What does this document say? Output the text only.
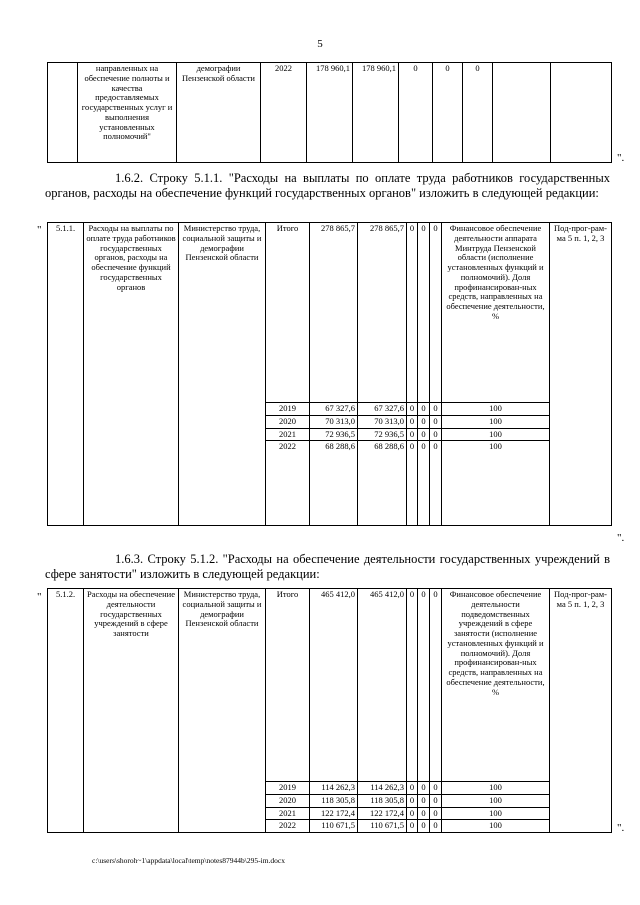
5
	направленных на обеспечение полноты и качества предоставляемых государственных услуг и выполнения установленных полномочий"	демографии Пензенской области	2022	178 960,1	178 960,1	0	0	0		
".
1.6.2. Строку 5.1.1. "Расходы на выплаты по оплате труда работников государственных органов, расходы на обеспечение функций государственных органов" изложить в следующей редакции:
" 5.1.1.	Расходы на выплаты по оплате труда работников государственных органов, расходы на обеспечение функций государственных органов	Министерство труда, социальной защиты и демографии Пензенской области	Итого	278 865,7	278 865,7	0	0	0	Финансовое обеспечение деятельности аппарата Минтруда Пензенской области (исполнение установленных функций и полномочий). Доля профинансирован-ных средств, направленных на обеспечение деятельности, %	Под-прог-рам-ма 5 п. 1, 2, 3
			2019	67 327,6	67 327,6	0	0	0	100	
			2020	70 313,0	70 313,0	0	0	0	100	
			2021	72 936,5	72 936,5	0	0	0	100	
			2022	68 288,6	68 288,6	0	0	0	100	
".
1.6.3. Строку 5.1.2. "Расходы на обеспечение деятельности государственных учреждений в сфере занятости" изложить в следующей редакции:
" 5.1.2.	Расходы на обеспечение деятельности государственных учреждений в сфере занятости	Министерство труда, социальной защиты и демографии Пензенской области	Итого	465 412,0	465 412,0	0	0	0	Финансовое обеспечение деятельности подведомственных учреждений в сфере занятости (исполнение установленных функций и полномочий). Доля профинансирован-ных средств, направленных на обеспечение деятельности, %	Под-прог-рам-ма 5 п. 1, 2, 3
			2019	114 262,3	114 262,3	0	0	0	100	
			2020	118 305,8	118 305,8	0	0	0	100	
			2021	122 172,4	122 172,4	0	0	0	100	
			2022	110 671,5	110 671,5	0	0	0	100		".
c:\users\shoroh~1\appdata\local\temp\notes87944b\295-im.docx
